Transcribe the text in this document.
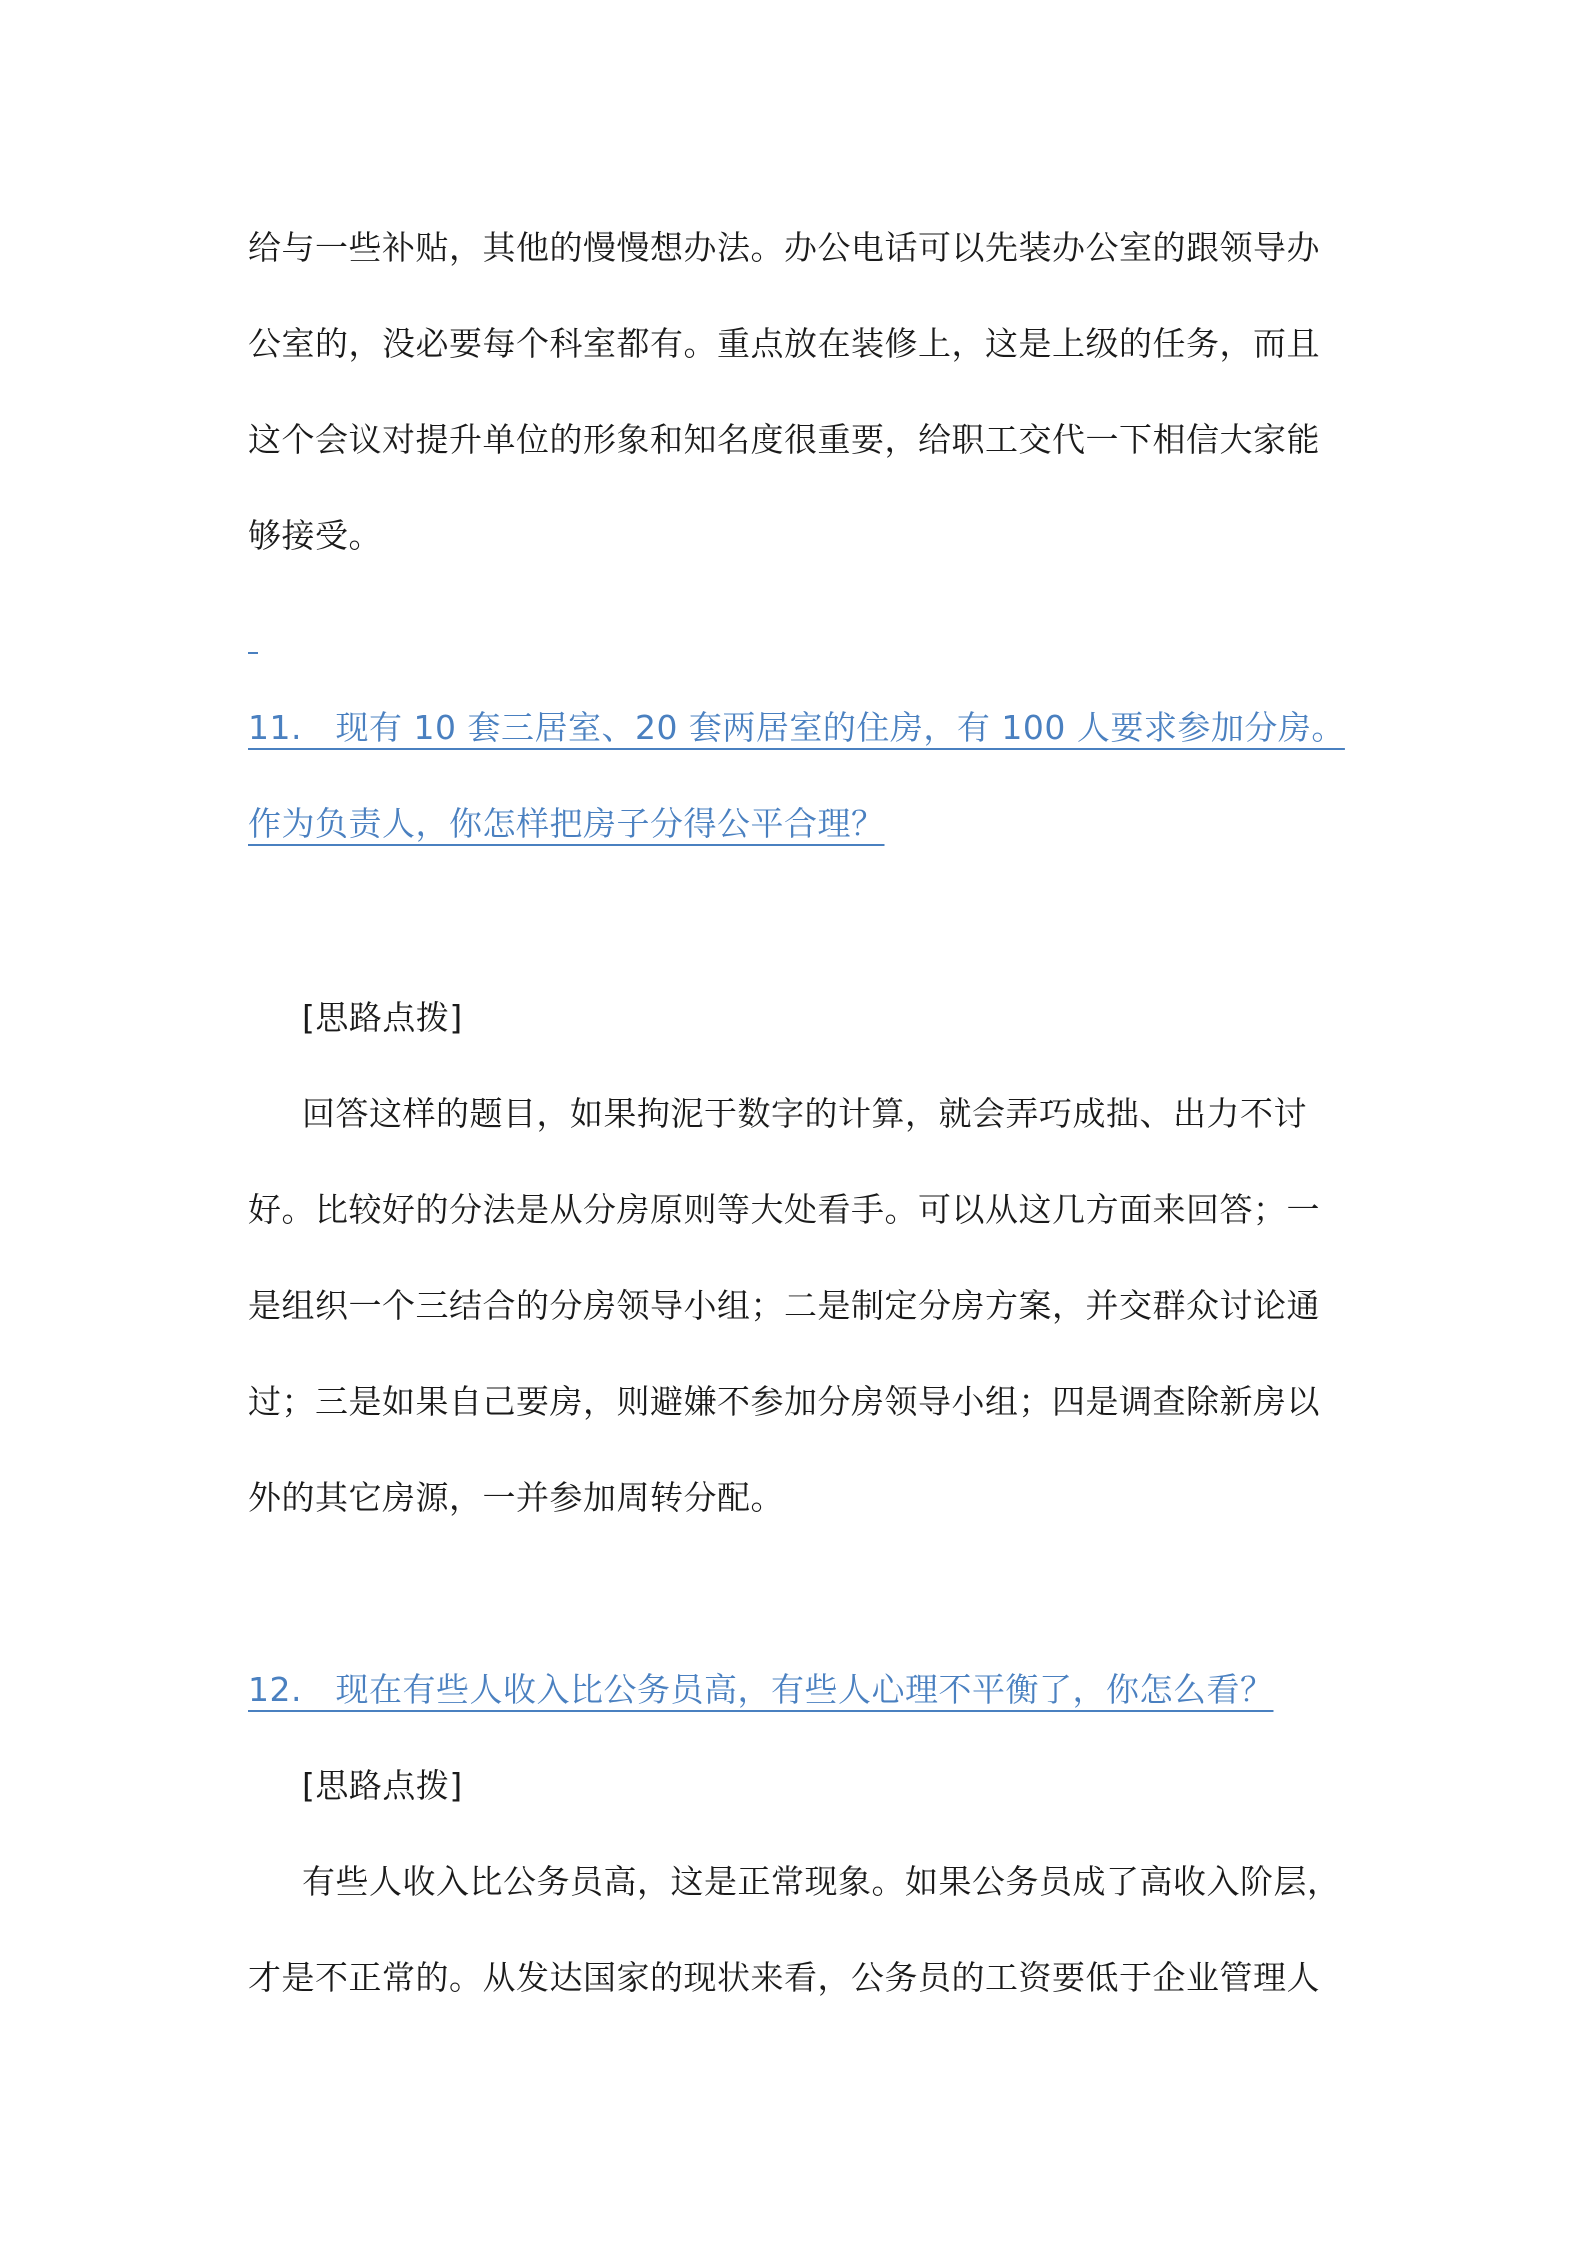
给与一些补贴，其他的慢慢想办法。办公电话可以先装办公室的跟领导办

公室的，没必要每个科室都有。重点放在装修上，这是上级的任务，而且

这个会议对提升单位的形象和知名度很重要，给职工交代一下相信大家能

够接受。

11.　现有 10 套三居室、20 套两居室的住房，有 100 人要求参加分房。

作为负责人，你怎样把房子分得公平合理？

[思路点拨]

回答这样的题目，如果拘泥于数字的计算，就会弄巧成拙、出力不讨

好。比较好的分法是从分房原则等大处看手。可以从这几方面来回答；一

是组织一个三结合的分房领导小组；二是制定分房方案，并交群众讨论通

过；三是如果自己要房，则避嫌不参加分房领导小组；四是调查除新房以

外的其它房源，一并参加周转分配。

12.　现在有些人收入比公务员高，有些人心理不平衡了，你怎么看？

[思路点拨]

有些人收入比公务员高，这是正常现象。如果公务员成了高收入阶层，

才是不正常的。从发达国家的现状来看，公务员的工资要低于企业管理人
